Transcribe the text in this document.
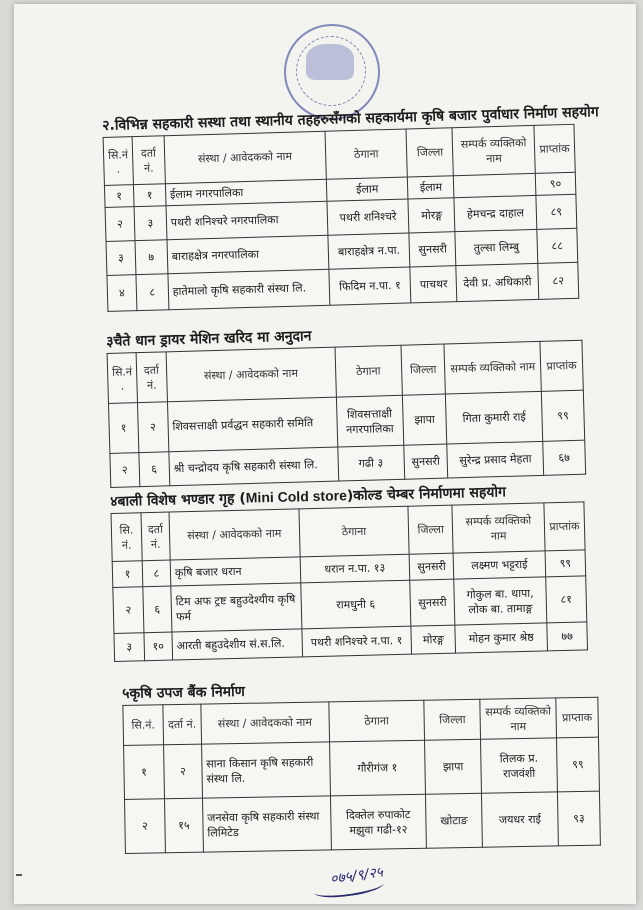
२.विभिन्न सहकारी सस्था तथा स्थानीय तहहरुसँगको सहकार्यमा कृषि बजार पुर्वाधार निर्माण सहयोग
सि.नं .	दर्ता नं.	संस्था / आवेदकको नाम	ठेगाना	जिल्ला	सम्पर्क व्यक्तिको नाम	प्राप्तांक
१	१	ईलाम नगरपालिका	ईलाम	ईलाम		९०
२	३	पथरी शनिश्चरे नगरपालिका	पथरी शनिश्चरे	मोरङ्ग	हेमचन्द्र दाहाल	८९
३	७	बाराहक्षेत्र नगरपालिका	बाराहक्षेत्र न.पा.	सुनसरी	तुल्सा लिम्बु	८८
४	८	हातेमालो कृषि सहकारी संस्था लि.	फिदिम न.पा. १	पाचथर	देवी प्र. अधिकारी	८२
३चैते धान ड्रायर मेशिन खरिद मा अनुदान
सि.नं .	दर्ता नं.	संस्था / आवेदकको नाम	ठेगाना	जिल्ला	सम्पर्क व्यक्तिको नाम	प्राप्तांक
१	२	शिवसत्ताक्षी प्रर्वद्धन सहकारी समिति	शिवसत्ताक्षी नगरपालिका	झापा	गिता कुमारी राई	९९
२	६	श्री चन्द्रोदय कृषि सहकारी संस्था लि.	गढी ३	सुनसरी	सुरेन्द्र प्रसाद मेहता	६७
४बाली विशेष भण्डार गृह (Mini Cold store)कोल्ड चेम्बर निर्माणमा सहयोग
सि. नं.	दर्ता नं.	संस्था / आवेदकको नाम	ठेगाना	जिल्ला	सम्पर्क व्यक्तिको नाम	प्राप्तांक
१	८	कृषि बजार धरान	धरान न.पा. १३	सुनसरी	लक्ष्मण भट्टराई	९९
२	६	टिम अफ ट्रष्ट बहुउदेश्यीय कृषि फर्म	रामधुनी ६	सुनसरी	गोकुल बा. थापा, लोक बा. तामाङ्ग	८१
३	१०	आरती बहुउदेशीय सं.स.लि.	पथरी शनिश्चरे न.पा. १	मोरङ्ग	मोहन कुमार श्रेष्ठ	७७
५कृषि उपज बैंक निर्माण
सि.नं.	दर्ता नं.	संस्था / आवेदकको नाम	ठेगाना	जिल्ला	सम्पर्क व्यक्तिको नाम	प्राप्ताक
१	२	साना किसान कृषि सहकारी संस्था लि.	गौरीगंज १	झापा	तिलक प्र. राजवंशी	९९
२	१५	जनसेवा कृषि सहकारी संस्था लिमिटेड	दिक्तेल रुपाकोट मझुवा गढी-१२	खोटाङ	जयधर राई	९३
०७५/९/२५
